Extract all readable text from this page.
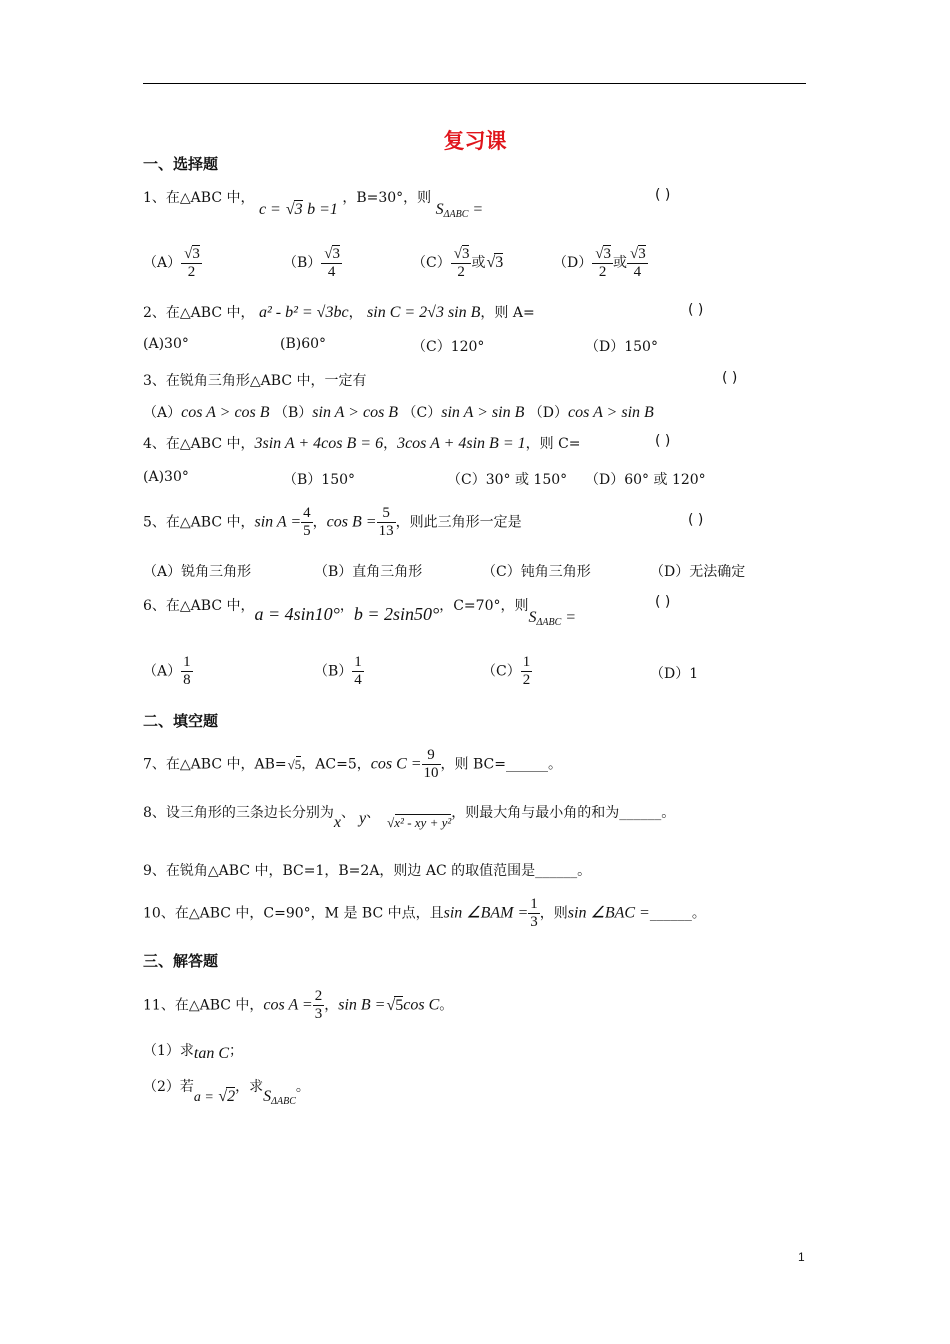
复习课
一、选择题
1、在△ABC 中， c = √ 3 b =1 ，B=30°，则 $S_{\Delta ABC}$ =
( )
（A） √ $\frac{3}{2}$	（B） √ $\frac{3}{4}$	（C） √ $\frac{3}{2}$ 或 √ 3	（D） √ $\frac{3}{2}$ 或 √ $\frac{3}{4}$
2、在△ABC 中， a² - b² = √3bc， sin C = 2√3 sin B，则 A=	( )
(A)30°	(B)60°	（C）120°	（D）150°
3、在锐角三角形△ABC 中，一定有	( )
（A）cos A > cos B （B）sin A > cos B （C）sin A > sin B （D）cos A > sin B
4、在△ABC 中，3sin A + 4cos B = 6，3cos A + 4sin B = 1，则 C=	( )
(A)30°	（B）150°	（C）30° 或 150° （D）60° 或 120°
5、在△ABC 中，$\sin A = \frac{4}{5}$ ，$\cos B = \frac{5}{13}$ ，则此三角形一定是	( )
（A）锐角三角形	（B）直角三角形	（C）钝角三角形	（D）无法确定
6、在△ABC 中，a = 4sin10°，b = 2sin50°，C=70°，则$S_{\Delta ABC}$ =
( )
$(A) \frac{1}{8}$	$(B) \frac{1}{4}$	$(C) \frac{1}{2}$	（D）1
二、填空题
7、在△ABC 中，AB= √ 5，AC=5，$\cos C = \frac{9}{10}$ ，则 BC=______。
8、设三角形的三条边长分别为x、 y、√ x² - xy + y²，则最大角与最小角的和为______。
9、在锐角△ABC 中，BC=1，B=2A，则边 AC 的取值范围是______。
10、在△ABC 中，C=90°，M 是 BC 中点，且sin ∠BAM = $\frac{1}{3}$ ，则sin ∠BAC =______。
三、解答题
11、在△ABC 中，$\cos A = \frac{2}{3}$ ，sin B = √ 5cos C。
（1）求tan C；
（2）若a = √ 2，求$S_{\Delta ABC}$。
1
